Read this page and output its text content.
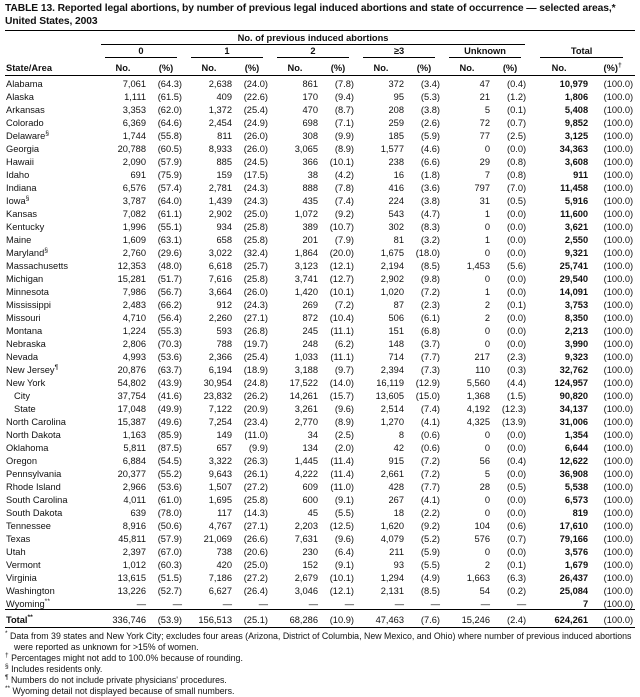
TABLE 13. Reported legal abortions, by number of previous legal induced abortions and state of occurrence — selected areas,* United States, 2003

	No. of previous induced abortions											

	0		1		2		≥3		Unknown		Total	

State/Area	No.	(%)	No.	(%)	No.	(%)	No.	(%)	No.	(%)	No.	(%)†
Alabama	7,061	(64.3)	2,638	(24.0)	861	(7.8)	372	(3.4)	47	(0.4)	10,979	(100.0)
Alaska	1,111	(61.5)	409	(22.6)	170	(9.4)	95	(5.3)	21	(1.2)	1,806	(100.0)
Arkansas	3,353	(62.0)	1,372	(25.4)	470	(8.7)	208	(3.8)	5	(0.1)	5,408	(100.0)
Colorado	6,369	(64.6)	2,454	(24.9)	698	(7.1)	259	(2.6)	72	(0.7)	9,852	(100.0)
Delaware§	1,744	(55.8)	811	(26.0)	308	(9.9)	185	(5.9)	77	(2.5)	3,125	(100.0)
Georgia	20,788	(60.5)	8,933	(26.0)	3,065	(8.9)	1,577	(4.6)	0	(0.0)	34,363	(100.0)
Hawaii	2,090	(57.9)	885	(24.5)	366	(10.1)	238	(6.6)	29	(0.8)	3,608	(100.0)
Idaho	691	(75.9)	159	(17.5)	38	(4.2)	16	(1.8)	7	(0.8)	911	(100.0)
Indiana	6,576	(57.4)	2,781	(24.3)	888	(7.8)	416	(3.6)	797	(7.0)	11,458	(100.0)
Iowa§	3,787	(64.0)	1,439	(24.3)	435	(7.4)	224	(3.8)	31	(0.5)	5,916	(100.0)
Kansas	7,082	(61.1)	2,902	(25.0)	1,072	(9.2)	543	(4.7)	1	(0.0)	11,600	(100.0)
Kentucky	1,996	(55.1)	934	(25.8)	389	(10.7)	302	(8.3)	0	(0.0)	3,621	(100.0)
Maine	1,609	(63.1)	658	(25.8)	201	(7.9)	81	(3.2)	1	(0.0)	2,550	(100.0)
Maryland§	2,760	(29.6)	3,022	(32.4)	1,864	(20.0)	1,675	(18.0)	0	(0.0)	9,321	(100.0)
Massachusetts	12,353	(48.0)	6,618	(25.7)	3,123	(12.1)	2,194	(8.5)	1,453	(5.6)	25,741	(100.0)
Michigan	15,281	(51.7)	7,616	(25.8)	3,741	(12.7)	2,902	(9.8)	0	(0.0)	29,540	(100.0)
Minnesota	7,986	(56.7)	3,664	(26.0)	1,420	(10.1)	1,020	(7.2)	1	(0.0)	14,091	(100.0)
Mississippi	2,483	(66.2)	912	(24.3)	269	(7.2)	87	(2.3)	2	(0.1)	3,753	(100.0)
Missouri	4,710	(56.4)	2,260	(27.1)	872	(10.4)	506	(6.1)	2	(0.0)	8,350	(100.0)
Montana	1,224	(55.3)	593	(26.8)	245	(11.1)	151	(6.8)	0	(0.0)	2,213	(100.0)
Nebraska	2,806	(70.3)	788	(19.7)	248	(6.2)	148	(3.7)	0	(0.0)	3,990	(100.0)
Nevada	4,993	(53.6)	2,366	(25.4)	1,033	(11.1)	714	(7.7)	217	(2.3)	9,323	(100.0)
New Jersey¶	20,876	(63.7)	6,194	(18.9)	3,188	(9.7)	2,394	(7.3)	110	(0.3)	32,762	(100.0)
New York	54,802	(43.9)	30,954	(24.8)	17,522	(14.0)	16,119	(12.9)	5,560	(4.4)	124,957	(100.0)
City	37,754	(41.6)	23,832	(26.2)	14,261	(15.7)	13,605	(15.0)	1,368	(1.5)	90,820	(100.0)
State	17,048	(49.9)	7,122	(20.9)	3,261	(9.6)	2,514	(7.4)	4,192	(12.3)	34,137	(100.0)
North Carolina	15,387	(49.6)	7,254	(23.4)	2,770	(8.9)	1,270	(4.1)	4,325	(13.9)	31,006	(100.0)
North Dakota	1,163	(85.9)	149	(11.0)	34	(2.5)	8	(0.6)	0	(0.0)	1,354	(100.0)
Oklahoma	5,811	(87.5)	657	(9.9)	134	(2.0)	42	(0.6)	0	(0.0)	6,644	(100.0)
Oregon	6,884	(54.5)	3,322	(26.3)	1,445	(11.4)	915	(7.2)	56	(0.4)	12,622	(100.0)
Pennsylvania	20,377	(55.2)	9,643	(26.1)	4,222	(11.4)	2,661	(7.2)	5	(0.0)	36,908	(100.0)
Rhode Island	2,966	(53.6)	1,507	(27.2)	609	(11.0)	428	(7.7)	28	(0.5)	5,538	(100.0)
South Carolina	4,011	(61.0)	1,695	(25.8)	600	(9.1)	267	(4.1)	0	(0.0)	6,573	(100.0)
South Dakota	639	(78.0)	117	(14.3)	45	(5.5)	18	(2.2)	0	(0.0)	819	(100.0)
Tennessee	8,916	(50.6)	4,767	(27.1)	2,203	(12.5)	1,620	(9.2)	104	(0.6)	17,610	(100.0)
Texas	45,811	(57.9)	21,069	(26.6)	7,631	(9.6)	4,079	(5.2)	576	(0.7)	79,166	(100.0)
Utah	2,397	(67.0)	738	(20.6)	230	(6.4)	211	(5.9)	0	(0.0)	3,576	(100.0)
Vermont	1,012	(60.3)	420	(25.0)	152	(9.1)	93	(5.5)	2	(0.1)	1,679	(100.0)
Virginia	13,615	(51.5)	7,186	(27.2)	2,679	(10.1)	1,294	(4.9)	1,663	(6.3)	26,437	(100.0)
Washington	13,226	(52.7)	6,627	(26.4)	3,046	(12.1)	2,131	(8.5)	54	(0.2)	25,084	(100.0)
Wyoming**	—	—	—	—	—	—	—	—	—	—	7	(100.0)
Total**	336,746	(53.9)	156,513	(25.1)	68,286	(10.9)	47,463	(7.6)	15,246	(2.4)	624,261	(100.0)
* Data from 39 states and New York City; excludes four areas (Arizona, District of Columbia, New Mexico, and Ohio) where number of previous induced abortions were reported as unknown for >15% of women.
† Percentages might not add to 100.0% because of rounding.
§ Includes residents only.
¶ Numbers do not include private physicians' procedures.
** Wyoming detail not displayed because of small numbers.
